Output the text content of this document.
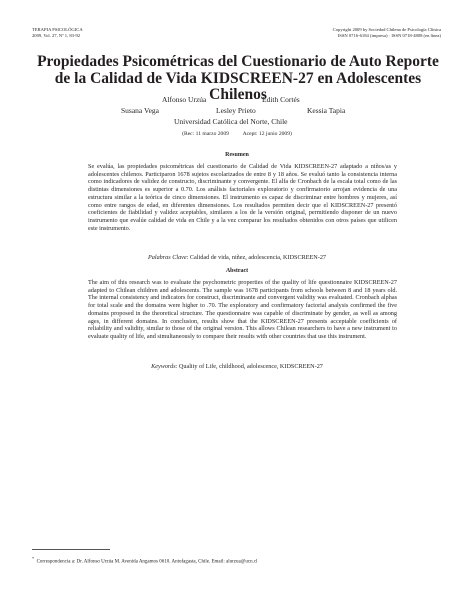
TERAPIA PSICOLÓGICA
2009, Vol. 27, Nº 1, 83-92
Copyright 2009 by Sociedad Chilena de Psicología Clínica
ISSN 0716-6184 (impresa) · ISSN 0718-4808 (en línea)
Propiedades Psicométricas del Cuestionario de Auto Reporte de la Calidad de Vida KIDSCREEN-27 en Adolescentes Chilenos
Alfonso Urzúa	Edith Cortés
Susana Vega	Lesley Prieto	Kessia Tapia
Universidad Católica del Norte, Chile
(Rec: 11 marzo 2009          Acept: 12 junio 2009)
Resumen

Se evalúa, las propiedades psicométricas del cuestionario de Calidad de Vida KIDSCREEN-27 adaptado a niños/as y adolescentes chilenos. Participaron 1678 sujetos escolarizados de entre 8 y 18 años. Se evaluó tanto la consistencia interna como indicadores de validez de constructo, discriminante y convergente. El alfa de Cronbach de la escala total como de las distintas dimensiones es superior a 0.70. Los análisis factoriales exploratorio y confirmatorio arrojan evidencia de una estructura similar a la teórica de cinco dimensiones. El instrumento es capaz de discriminar entre hombres y mujeres, así como entre rangos de edad, en diferentes dimensiones. Los resultados permiten decir que el KIDSCREEN-27 presentó coeficientes de fiabilidad y validez aceptables, similares a los de la versión original, permitiendo disponer de un nuevo instrumento que evalúe calidad de vida en Chile y a la vez comparar los resultados obtenidos con otros países que utilicen este instrumento.

Palabras Clave: Calidad de vida, niñez, adolescencia, KIDSCREEN-27
Abstract

The aim of this research was to evaluate the psychometric properties of the quality of life questionnaire KIDSCREEN-27 adapted to Chilean children and adolescents. The sample was 1678 participants from schools between 8 and 18 years old. The internal consistency and indicators for construct, discriminante and convergent validity was evaluated. Cronbach alphas for total scale and the domains were higher to .70. The exploratory and confirmatory factorial analysis confirmed the five domains proposed in the theoretical structure. The questionnaire was capable of discriminate by gender, as well as among ages, in different domains. In conclusion, results show that the KIDSCREEN-27 presents acceptable coefficients of reliability and validity, similar to those of the original version. This allows Chilean researchers to have a new instrument to evaluate quality of life, and simultaneously to compare their results with other countries that use this instrument.

Keywords: Quality of Life, childhood, adolescence, KIDSCREEN-27
*  Correspondencia a: Dr. Alfonso Urzúa M. Avenida Angamos 0610. Antofagasta, Chile. Email: alurzua@ucn.cl
